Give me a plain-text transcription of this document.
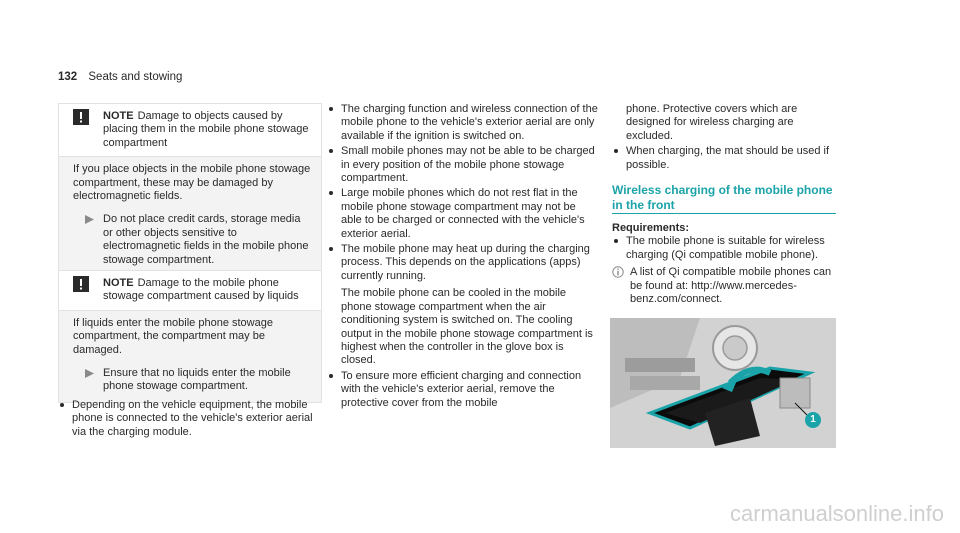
132 Seats and stowing
NOTE Damage to objects caused by placing them in the mobile phone stowage compartment
If you place objects in the mobile phone stowage compartment, these may be damaged by electromagnetic fields.
Do not place credit cards, storage media or other objects sensitive to electromagnetic fields in the mobile phone stowage compartment.
NOTE Damage to the mobile phone stowage compartment caused by liquids
If liquids enter the mobile phone stowage compartment, the compartment may be damaged.
Ensure that no liquids enter the mobile phone stowage compartment.

Depending on the vehicle equipment, the mobile phone is connected to the vehicle's exterior aerial via the charging module.

The charging function and wireless connection of the mobile phone to the vehicle's exterior aerial are only available if the ignition is switched on.

Small mobile phones may not be able to be charged in every position of the mobile phone stowage compartment.

Large mobile phones which do not rest flat in the mobile phone stowage compartment may not be able to be charged or connected with the vehicle's exterior aerial.

The mobile phone may heat up during the charging process. This depends on the applications (apps) currently running.

The mobile phone can be cooled in the mobile phone stowage compartment when the air conditioning system is switched on. The cooling output in the mobile phone stowage compartment is highest when the controller in the glove box is closed.

To ensure more efficient charging and connection with the vehicle's exterior aerial, remove the protective cover from the mobile

phone. Protective covers which are designed for wireless charging are excluded.

When charging, the mat should be used if possible.

Wireless charging of the mobile phone in the front
Requirements:

The mobile phone is suitable for wireless charging (Qi compatible mobile phone).

A list of Qi compatible mobile phones can be found at: http://www.mercedes-benz.com/connect.
1
carmanualsonline.info
